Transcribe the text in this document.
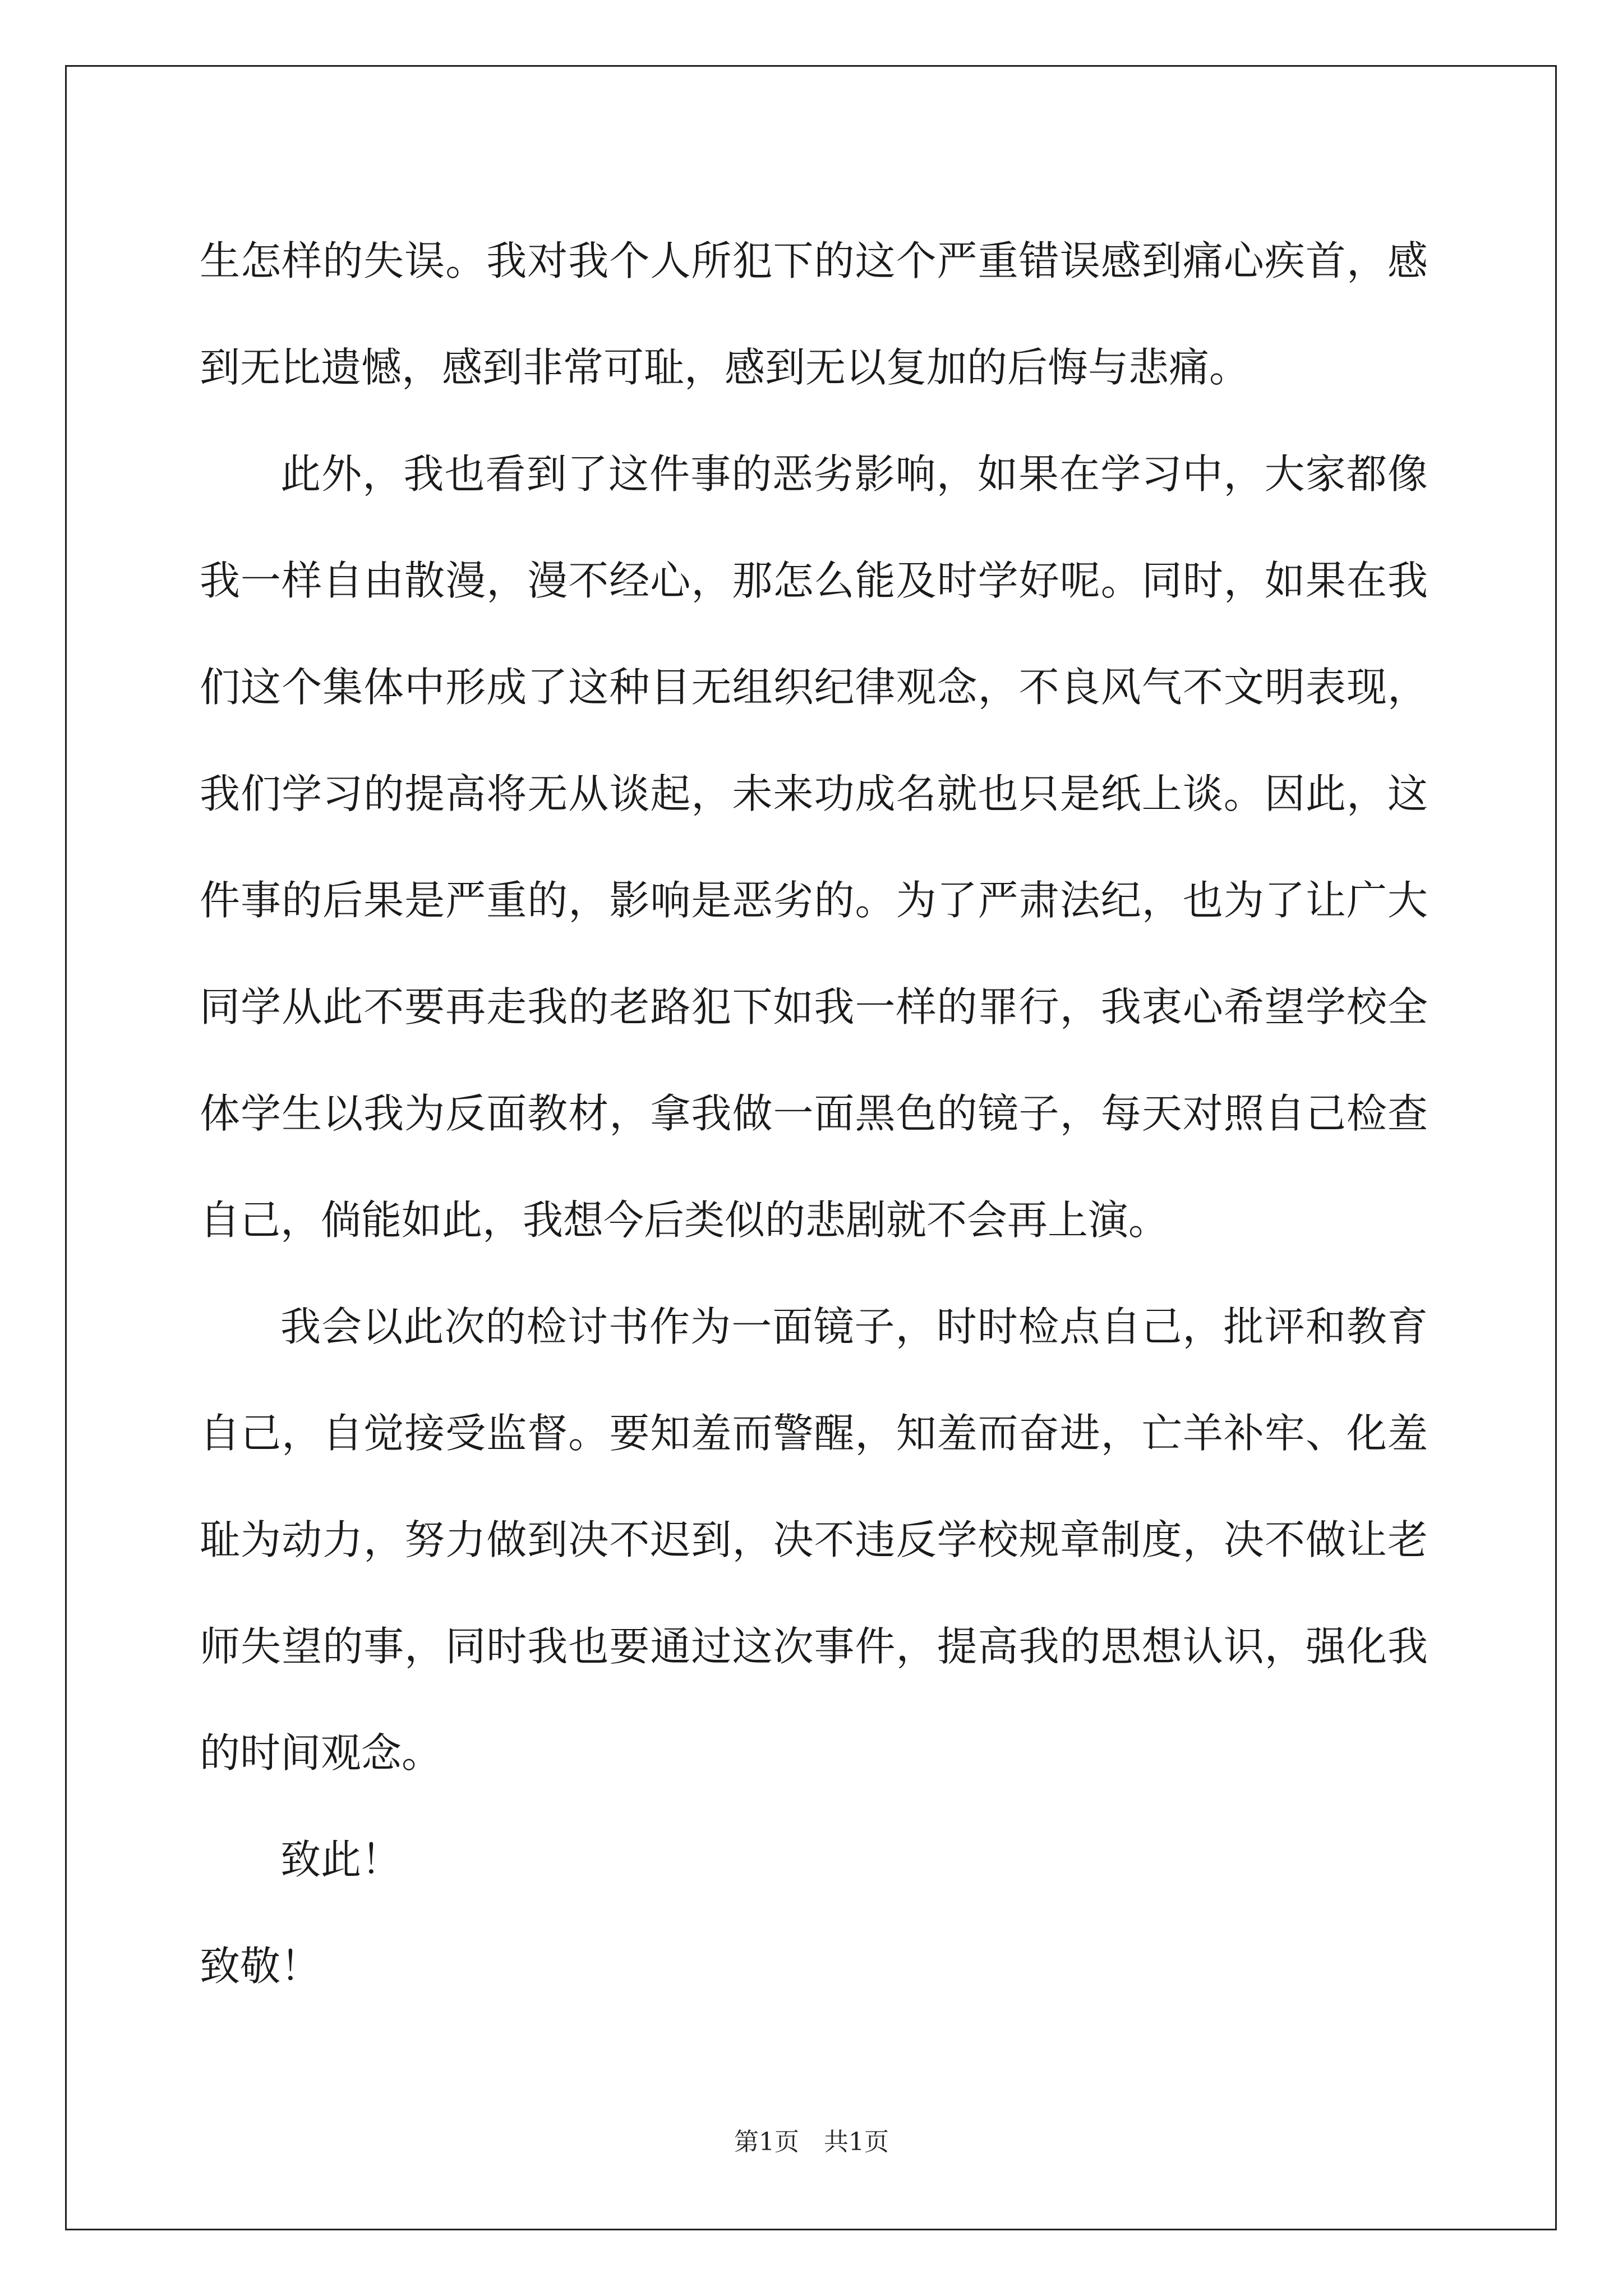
生怎样的失误。我对我个人所犯下的这个严重错误感到痛心疾首，感到无比遗憾，感到非常可耻，感到无以复加的后悔与悲痛。

此外，我也看到了这件事的恶劣影响，如果在学习中，大家都像我一样自由散漫，漫不经心，那怎么能及时学好呢。同时，如果在我们这个集体中形成了这种目无组织纪律观念，不良风气不文明表现，我们学习的提高将无从谈起，未来功成名就也只是纸上谈。因此，这件事的后果是严重的，影响是恶劣的。为了严肃法纪，也为了让广大同学从此不要再走我的老路犯下如我一样的罪行，我衷心希望学校全体学生以我为反面教材，拿我做一面黑色的镜子，每天对照自己检查自己，倘能如此，我想今后类似的悲剧就不会再上演。

我会以此次的检讨书作为一面镜子，时时检点自己，批评和教育自己，自觉接受监督。要知羞而警醒，知羞而奋进，亡羊补牢、化羞耻为动力，努力做到决不迟到，决不违反学校规章制度，决不做让老师失望的事，同时我也要通过这次事件，提高我的思想认识，强化我的时间观念。

致此！

致敬！

第1页 共1页
